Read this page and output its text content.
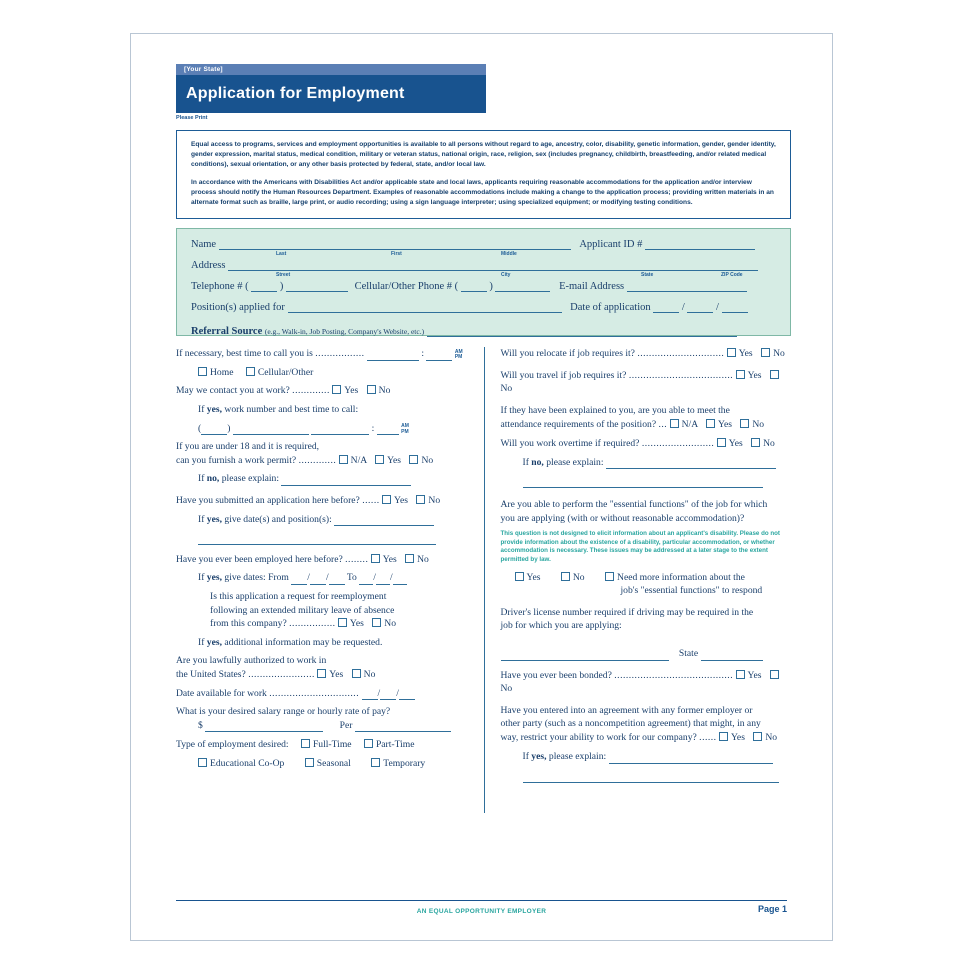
[Your State]
Application for Employment
Please Print

Equal access to programs, services and employment opportunities is available to all persons without regard to age, ancestry, color, disability, genetic information, gender, gender identity, gender expression, marital status, medical condition, military or veteran status, national origin, race, religion, sex (includes pregnancy, childbirth, breastfeeding, and/or related medical conditions), sexual orientation, or any other basis protected by federal, state, and/or local law.

In accordance with the Americans with Disabilities Act and/or applicable state and local laws, applicants requiring reasonable accommodations for the application and/or interview process should notify the Human Resources Department. Examples of reasonable accommodations include making a change to the application process; providing written materials in an alternate format such as braille, large print, or audio recording; using a sign language interpreter; using specialized equipment; or modifying testing conditions.

Name	Applicant ID #
Last	First	Middle
Address
Street	City	State	ZIP Code
Telephone # (	)	Cellular/Other Phone # (	)	E-mail Address
Position(s) applied for	Date of application	/	/
Referral Source (e.g., Walk-in, Job Posting, Company's Website, etc.)
If necessary, best time to call you is .................	:	AM
PM
Home	Cellular/Other
May we contact you at work? ............. Yes No
If yes, work number and best time to call:
(	)	:	AM
PM
If you are under 18 and it is required,
can you furnish a work permit? ............. N/A Yes No
If no, please explain:
Have you submitted an application here before? ...... Yes No
If yes, give date(s) and position(s):
Have you ever been employed here before? ........ Yes No
If yes, give dates: From / / To / /
Is this application a request for reemployment
following an extended military leave of absence
from this company? ................ Yes No
If yes, additional information may be requested.
Are you lawfully authorized to work in
the United States? ....................... Yes No
Date available for work ............................... / /
What is your desired salary range or hourly rate of pay?
$	Per
Type of employment desired:	Full-Time	Part-Time
Educational Co-Op	Seasonal	Temporary
Will you relocate if job requires it? .............................. Yes No
Will you travel if job requires it? .................................... Yes No
If they have been explained to you, are you able to meet the
attendance requirements of the position? ... N/A Yes No
Will you work overtime if required? ......................... Yes No
If no, please explain:
Are you able to perform the "essential functions" of the job for which
you are applying (with or without reasonable accommodation)?
This question is not designed to elicit information about an applicant's disability. Please do not provide information about the existence of a disability, particular accommodation, or whether accommodation is necessary. These issues may be addressed at a later stage to the extent permitted by law.
Yes	No	Need more information about the
job's "essential functions" to respond
Driver's license number required if driving may be required in the
job for which you are applying:
State
Have you ever been bonded? ......................................... Yes No
Have you entered into an agreement with any former employer or
other party (such as a noncompetition agreement) that might, in any
way, restrict your ability to work for our company? ...... Yes No
If yes, please explain:
AN EQUAL OPPORTUNITY EMPLOYER	Page 1
